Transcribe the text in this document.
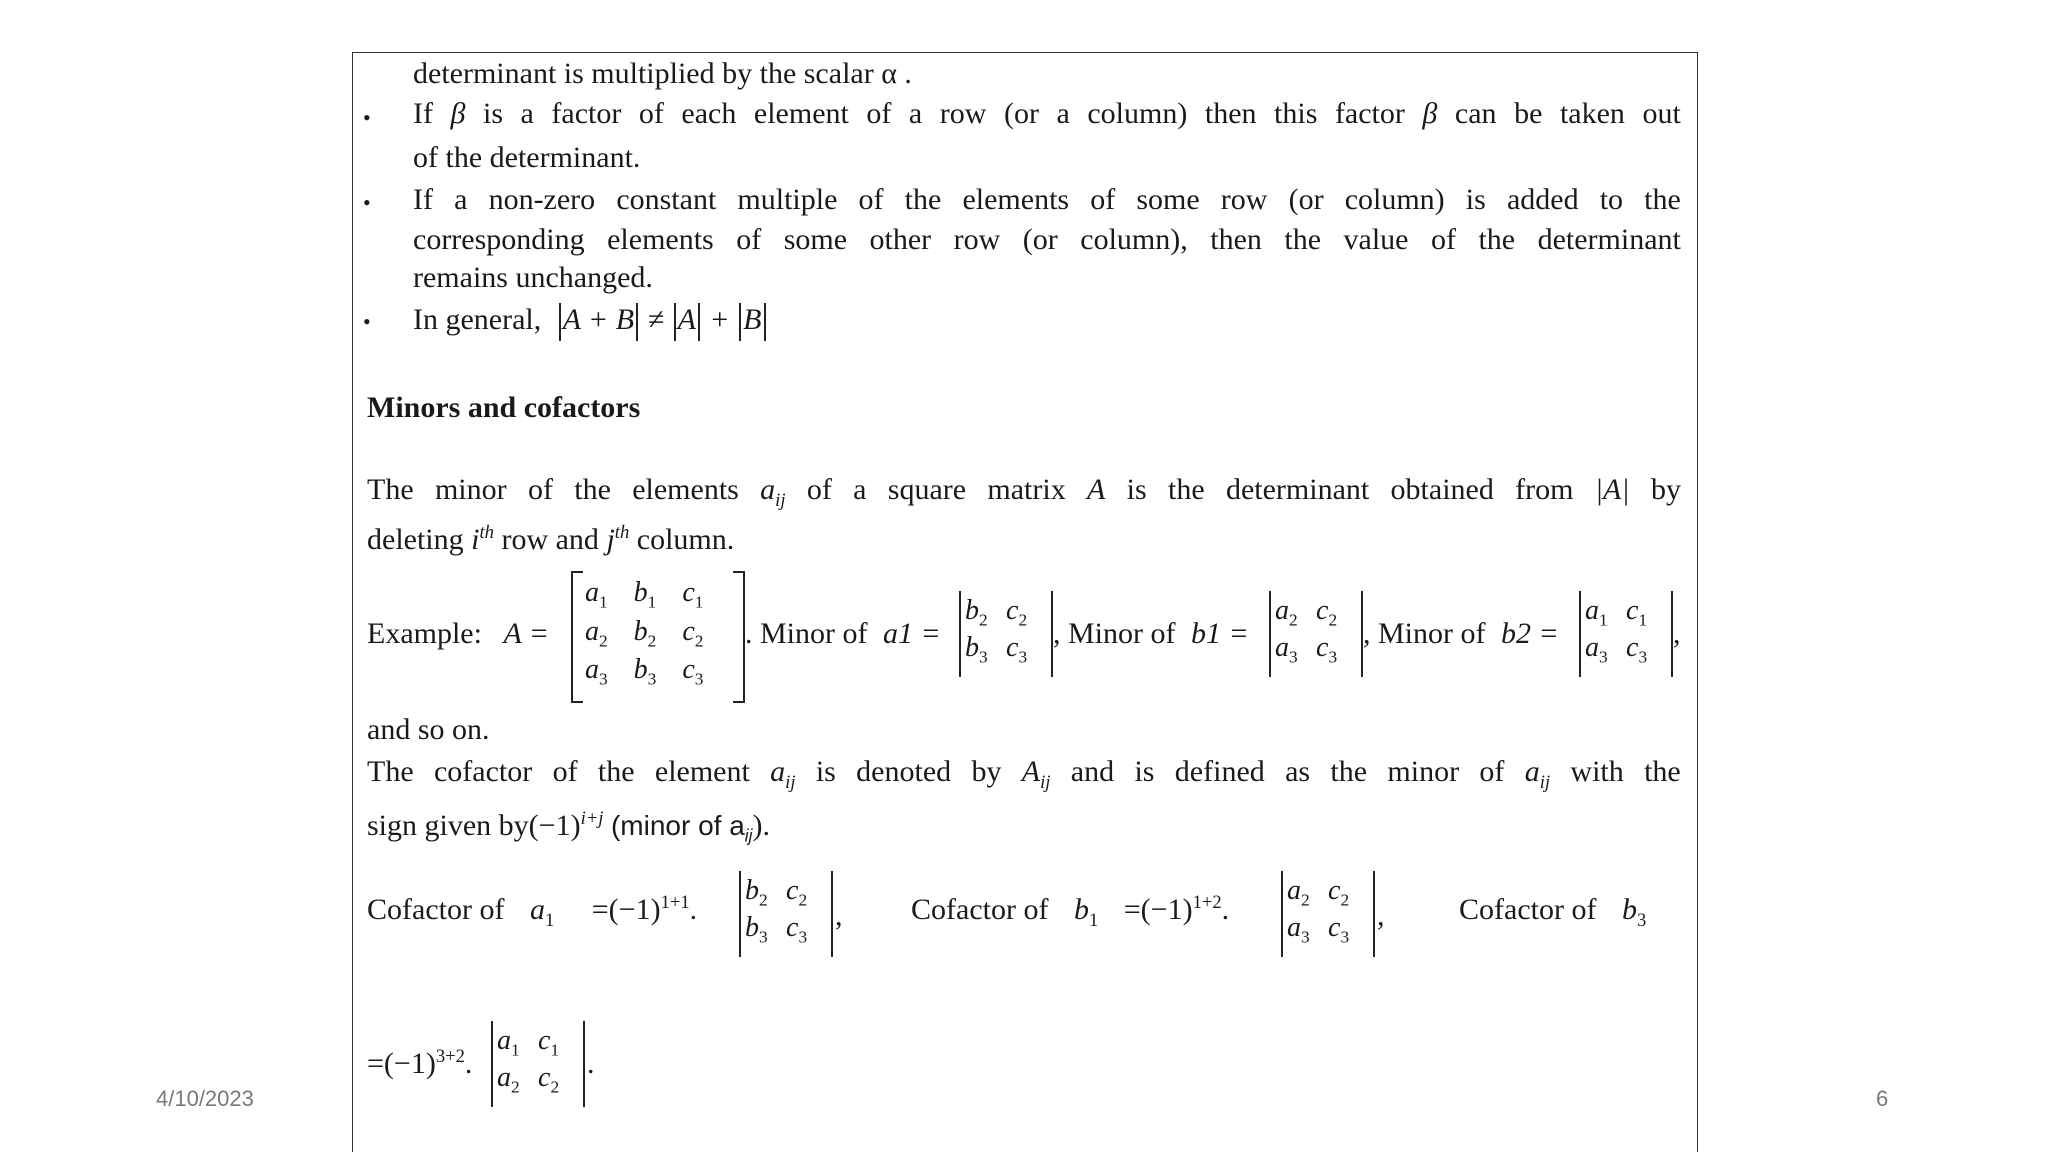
determinant is multiplied by the scalar α .
• If β is a factor of each element of a row (or a column) then this factor β can be taken out
of the determinant.
• If a non-zero constant multiple of the elements of some row (or column) is added to the
corresponding elements of some other row (or column), then the value of the determinant
remains unchanged.
• In general, A + B ≠ A + B
Minors and cofactors
The minor of the elements $a_{ij}$ of a square matrix A is the determinant obtained from |A| by
deleting $i^{th}$ row and $j^{th}$ column.
Example: A =
$a_1$ $b_1$ $c_1$
$a_2$ $b_2$ $c_2$
$a_3$ $b_3$ $c_3$
. Minor of a1 =
$b_2$ $c_2$
$b_3$ $c_3$
, Minor of b1 =
$a_2$ $c_2$
$a_3$ $c_3$
, Minor of b2 =
$a_1$ $c_1$
$a_3$ $c_3$
,
and so on.
The cofactor of the element $a_{ij}$ is denoted by $A_{ij}$ and is defined as the minor of $a_{ij}$ with the
sign given $by(-1)^{i+j}$ (minor of $a_{ij}$).
Cofactor of $a_1 =(-1)^{1+1}$.
$b_2$ $c_2$
$b_3$ $c_3$
, Cofactor of $b_1 =(-1)^{1+2}$.
$a_2$ $c_2$
$a_3$ $c_3$
, Cofactor of $b_3$
$=(-1)^{3+2}$.
$a_1$ $c_1$
$a_2$ $c_2$
.
4/10/2023	6
